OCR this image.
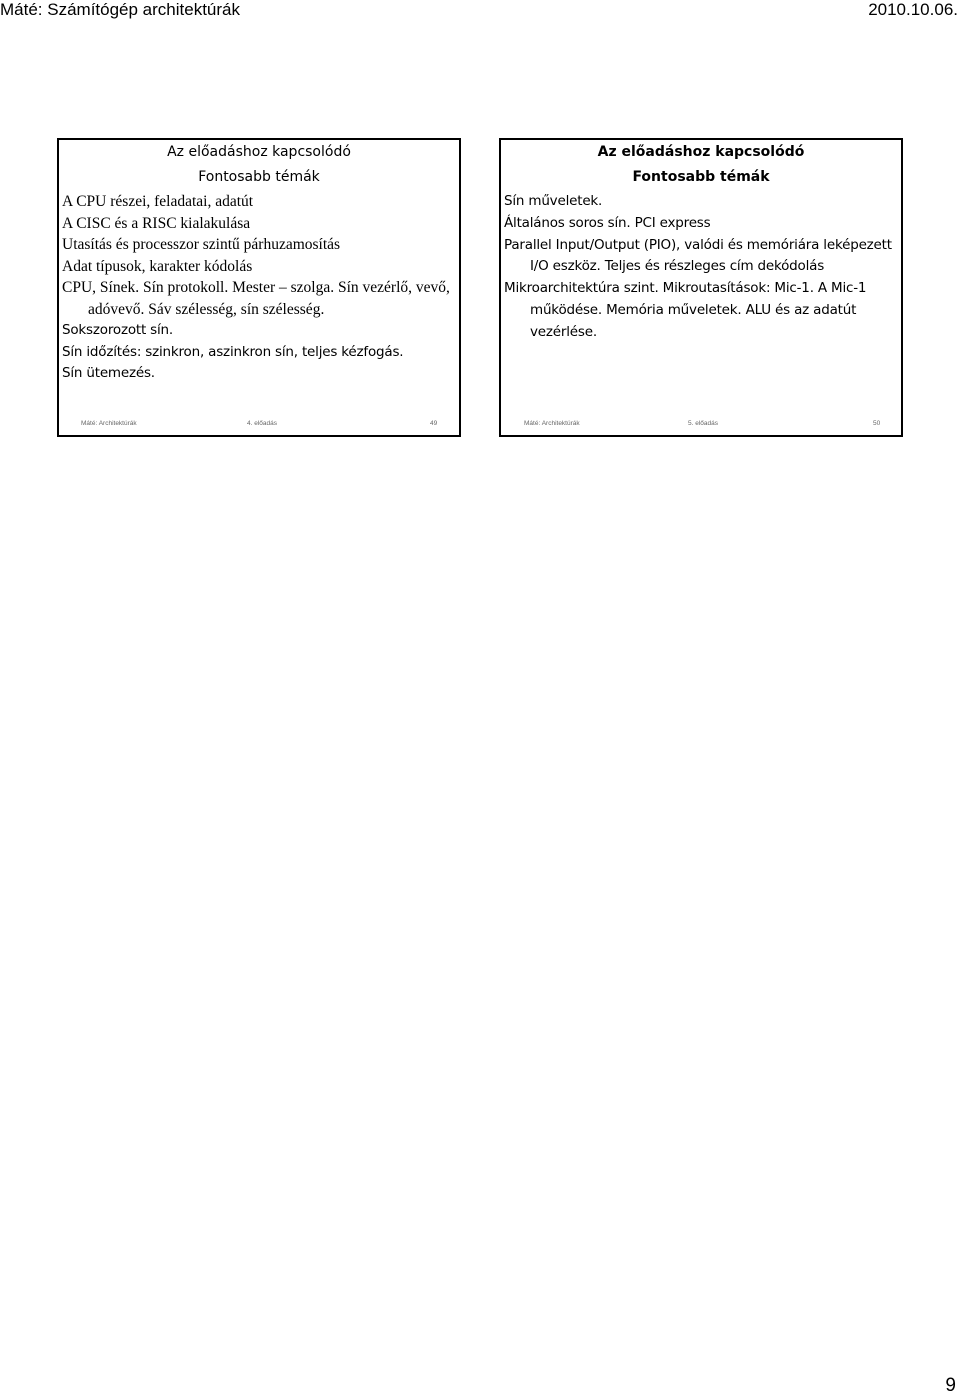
Máté: Számítógép architektúrák	2010.10.06.
Az előadáshoz kapcsolódó
Fontosabb témák
A CPU részei, feladatai, adatút
A CISC és a RISC kialakulása
Utasítás és processzor szintű párhuzamosítás
Adat típusok, karakter kódolás
CPU, Sínek. Sín protokoll. Mester – szolga. Sín vezérlő, vevő, adóvevő. Sáv szélesség, sín szélesség.
Sokszorozott sín.
Sín időzítés: szinkron, aszinkron sín, teljes kézfogás.
Sín ütemezés.
Máté: Architektúrák	4. előadás	49
Az előadáshoz kapcsolódó
Fontosabb témák
Sín műveletek.
Általános soros sín. PCI express
Parallel Input/Output (PIO), valódi és memóriára leképezett I/O eszköz. Teljes és részleges cím dekódolás
Mikroarchitektúra szint. Mikroutasítások: Mic-1. A Mic-1 működése. Memória műveletek. ALU és az adatút vezérlése.
Máté: Architektúrák	5. előadás	50
9
